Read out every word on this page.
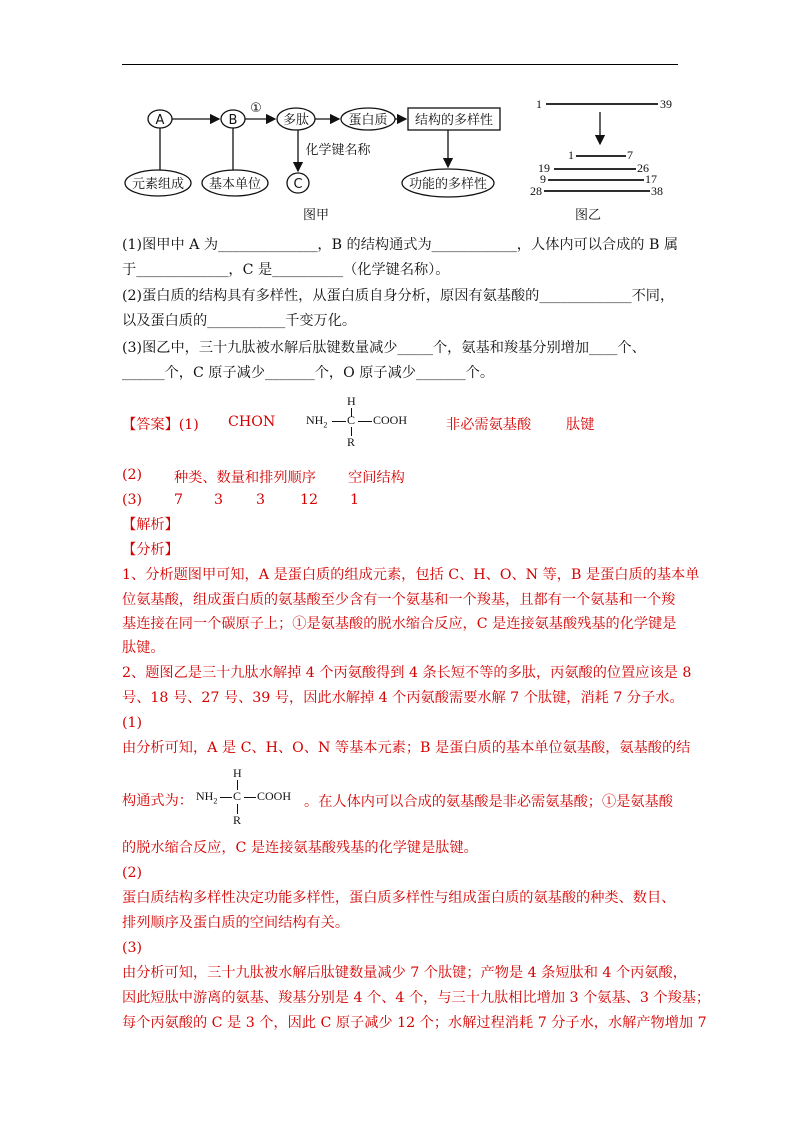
A	B
①
多肽	蛋白质 结构的多样性
元素组成 基本单位
化学键名称
C	功能的多样性
图甲
1	39
1	7
19	26
9	17
28	38
图乙
(1)图甲中 A 为______________，B 的结构通式为____________，人体内可以合成的 B 属
于_____________，C 是__________（化学键名称）。
(2)蛋白质的结构具有多样性，从蛋白质自身分析，原因有氨基酸的_____________不同，
以及蛋白质的___________千变万化。
(3)图乙中，三十九肽被水解后肽键数量减少_____个，氨基和羧基分别增加____个、
______个，C 原子减少_______个，O 原子减少_______个。
【答案】(1) CHON
H
$NH_2$ C COOH
R
非必需氨基酸 肽键
(2) 种类、数量和排列顺序 空间结构
(3) 7 3 3 12 1
【解析】
【分析】
1、分析题图甲可知，A 是蛋白质的组成元素，包括 C、H、O、N 等，B 是蛋白质的基本单
位氨基酸，组成蛋白质的氨基酸至少含有一个氨基和一个羧基，且都有一个氨基和一个羧
基连接在同一个碳原子上；①是氨基酸的脱水缩合反应，C 是连接氨基酸残基的化学键是
肽键。
2、题图乙是三十九肽水解掉 4 个丙氨酸得到 4 条长短不等的多肽，丙氨酸的位置应该是 8
号、18 号、27 号、39 号，因此水解掉 4 个丙氨酸需要水解 7 个肽键，消耗 7 分子水。
(1)
由分析可知，A 是 C、H、O、N 等基本元素；B 是蛋白质的基本单位氨基酸，氨基酸的结
构通式为：
H
$NH_2$ C COOH
R
。在人体内可以合成的氨基酸是非必需氨基酸；①是氨基酸
的脱水缩合反应，C 是连接氨基酸残基的化学键是肽键。
(2)
蛋白质结构多样性决定功能多样性，蛋白质多样性与组成蛋白质的氨基酸的种类、数目、
排列顺序及蛋白质的空间结构有关。
(3)
由分析可知，三十九肽被水解后肽键数量减少 7 个肽键；产物是 4 条短肽和 4 个丙氨酸，
因此短肽中游离的氨基、羧基分别是 4 个、4 个，与三十九肽相比增加 3 个氨基、3 个羧基；
每个丙氨酸的 C 是 3 个，因此 C 原子减少 12 个；水解过程消耗 7 分子水，水解产物增加 7
